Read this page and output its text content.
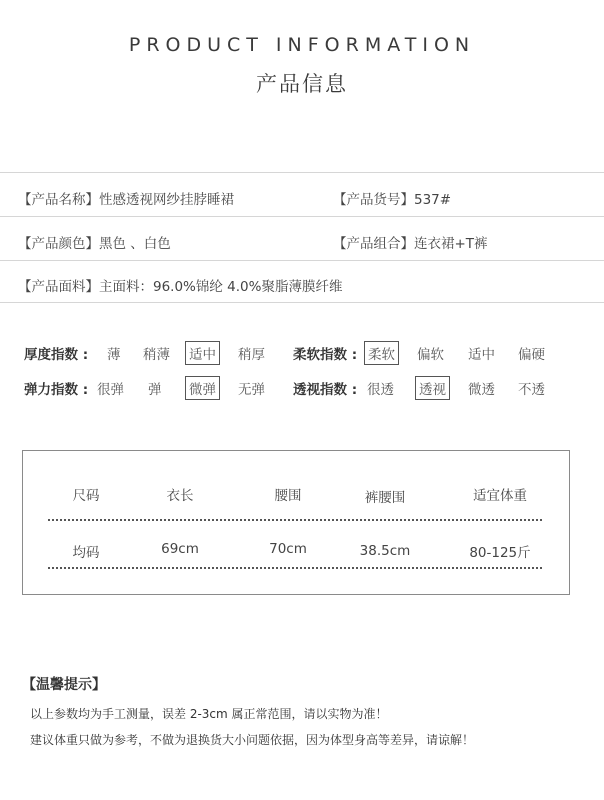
PRODUCT INFORMATION
产品信息
【产品名称】性感透视网纱挂脖睡裙	【产品货号】537#
【产品颜色】黑色 、白色	【产品组合】连衣裙+T裤
【产品面料】主面料：96.0%锦纶 4.0%聚脂薄膜纤维
厚度指数 : 薄 稍薄 适中 稍厚 柔软指数 : 柔软 偏软 适中 偏硬
弹力指数 : 很弹 弹 微弹 无弹 透视指数 : 很透 透视 微透 不透
尺码	衣长	腰围	裤腰围	适宜体重
均码	69cm	70cm	38.5cm	80-125斤
【温馨提示】
以上参数均为手工测量，误差 2-3cm 属正常范围，请以实物为准！
建议体重只做为参考，不做为退换货大小问题依据，因为体型身高等差异，请谅解！
